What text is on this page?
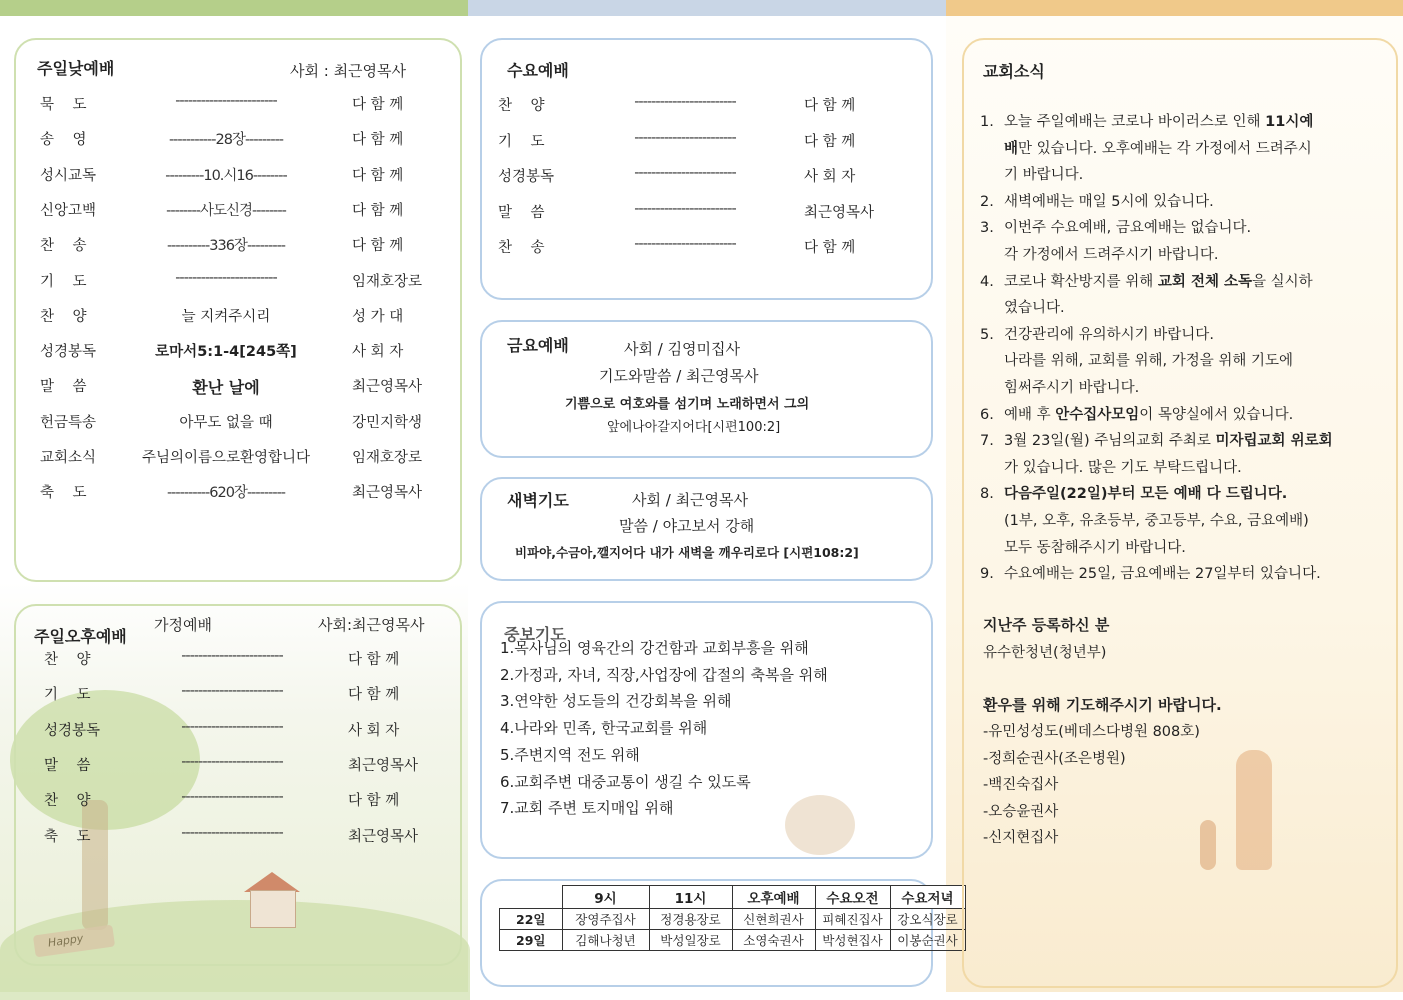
Happy
주일낮예배	사회 : 최근영목사
묵    도	------------------------	다 함 께
송    영	-----------28장---------	다 함 께
성시교독	---------10.시16--------	다 함 께
신앙고백	--------사도신경--------	다 함 께
찬    송	----------336장---------	다 함 께
기    도	------------------------	임재호장로
찬    양	늘 지켜주시리	성 가 대
성경봉독	로마서5:1-4[245쪽]	사 회 자
말    씀	환난 날에	최근영목사
헌금특송	아무도 없을 때	강민지학생
교회소식	주님의이름으로환영합니다	임재호장로
축    도	----------620장---------	최근영목사
주일오후예배
가정예배	사회:최근영목사
찬    양	------------------------	다 함 께
기    도	------------------------	다 함 께
성경봉독	------------------------	사 회 자
말    씀	------------------------	최근영목사
찬    양	------------------------	다 함 께
축    도	------------------------	최근영목사
수요예배
찬    양	------------------------	다 함 께
기    도	------------------------	다 함 께
성경봉독	------------------------	사 회 자
말    씀	------------------------	최근영목사
찬    송	------------------------	다 함 께
금요예배	사회 / 김영미집사
기도와말씀 / 최근영목사
기쁨으로 여호와를 섬기며 노래하면서 그의
앞에나아갈지어다[시편100:2]
새벽기도	사회 / 최근영목사
말씀 / 야고보서 강해
비파야,수금아,깰지어다 내가 새벽을 깨우리로다 [시편108:2]
중보기도
1.목사님의 영육간의 강건함과 교회부흥을 위해
2.가정과, 자녀, 직장,사업장에 갑절의 축복을 위해
3.연약한 성도들의 건강회복을 위해
4.나라와 민족, 한국교회를 위해
5.주변지역 전도 위해
6.교회주변 대중교통이 생길 수 있도록
7.교회 주변 토지매입 위해
	9시	11시	오후예배	수요오전	수요저녁
22일	장영주집사	정경용장로	신현희권사	피혜진집사	강오식장로
29일	김해나청년	박성일장로	소영숙권사	박성현집사	이봉순권사
교회소식
1. 오늘 주일예배는 코로나 바이러스로 인해 11시예
배만 있습니다. 오후예배는 각 가정에서 드려주시
기 바랍니다.
2. 새벽예배는 매일 5시에 있습니다.
3. 이번주 수요예배, 금요예배는 없습니다.
각 가정에서 드려주시기 바랍니다.
4. 코로나 확산방지를 위해 교회 전체 소독을 실시하
였습니다.
5. 건강관리에 유의하시기 바랍니다.
나라를 위해, 교회를 위해, 가정을 위해 기도에
힘써주시기 바랍니다.
6. 예배 후 안수집사모임이 목양실에서 있습니다.
7. 3월 23일(월) 주님의교회 주최로 미자립교회 위로회
가 있습니다. 많은 기도 부탁드립니다.
8. 다음주일(22일)부터 모든 예배 다 드립니다.
(1부, 오후, 유초등부, 중고등부, 수요, 금요예배)
모두 동참해주시기 바랍니다.
9. 수요예배는 25일, 금요예배는 27일부터 있습니다.
지난주 등록하신 분
유수한청년(청년부)
환우를 위해 기도해주시기 바랍니다.
-유민성성도(베데스다병원 808호)
-정희순권사(조은병원)
-백진숙집사
-오승윤권사
-신지현집사
